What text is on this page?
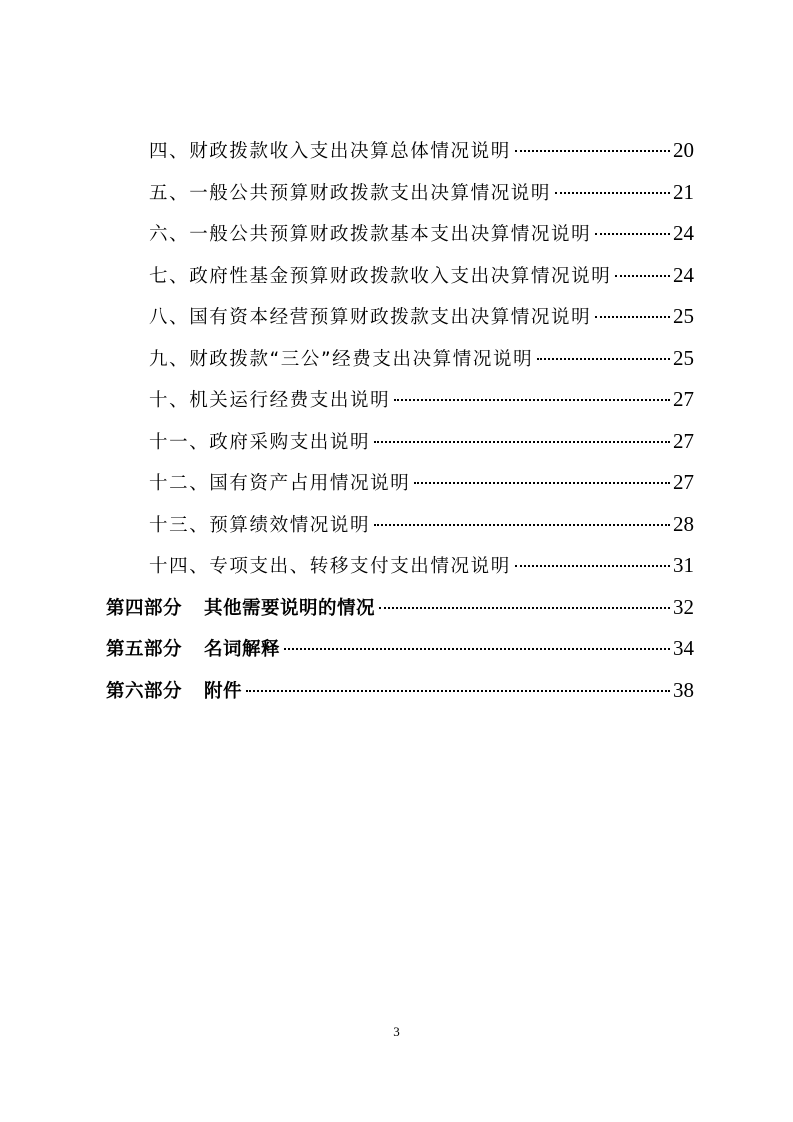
四、财政拨款收入支出决算总体情况说明	20
五、一般公共预算财政拨款支出决算情况说明	21
六、一般公共预算财政拨款基本支出决算情况说明	24
七、政府性基金预算财政拨款收入支出决算情况说明	24
八、国有资本经营预算财政拨款支出决算情况说明	25
九、财政拨款“三公”经费支出决算情况说明	25
十、机关运行经费支出说明	27
十一、政府采购支出说明	27
十二、国有资产占用情况说明	27
十三、预算绩效情况说明	28
十四、专项支出、转移支付支出情况说明	31
第四部分 其他需要说明的情况	32
第五部分 名词解释	34
第六部分 附件	38
3
